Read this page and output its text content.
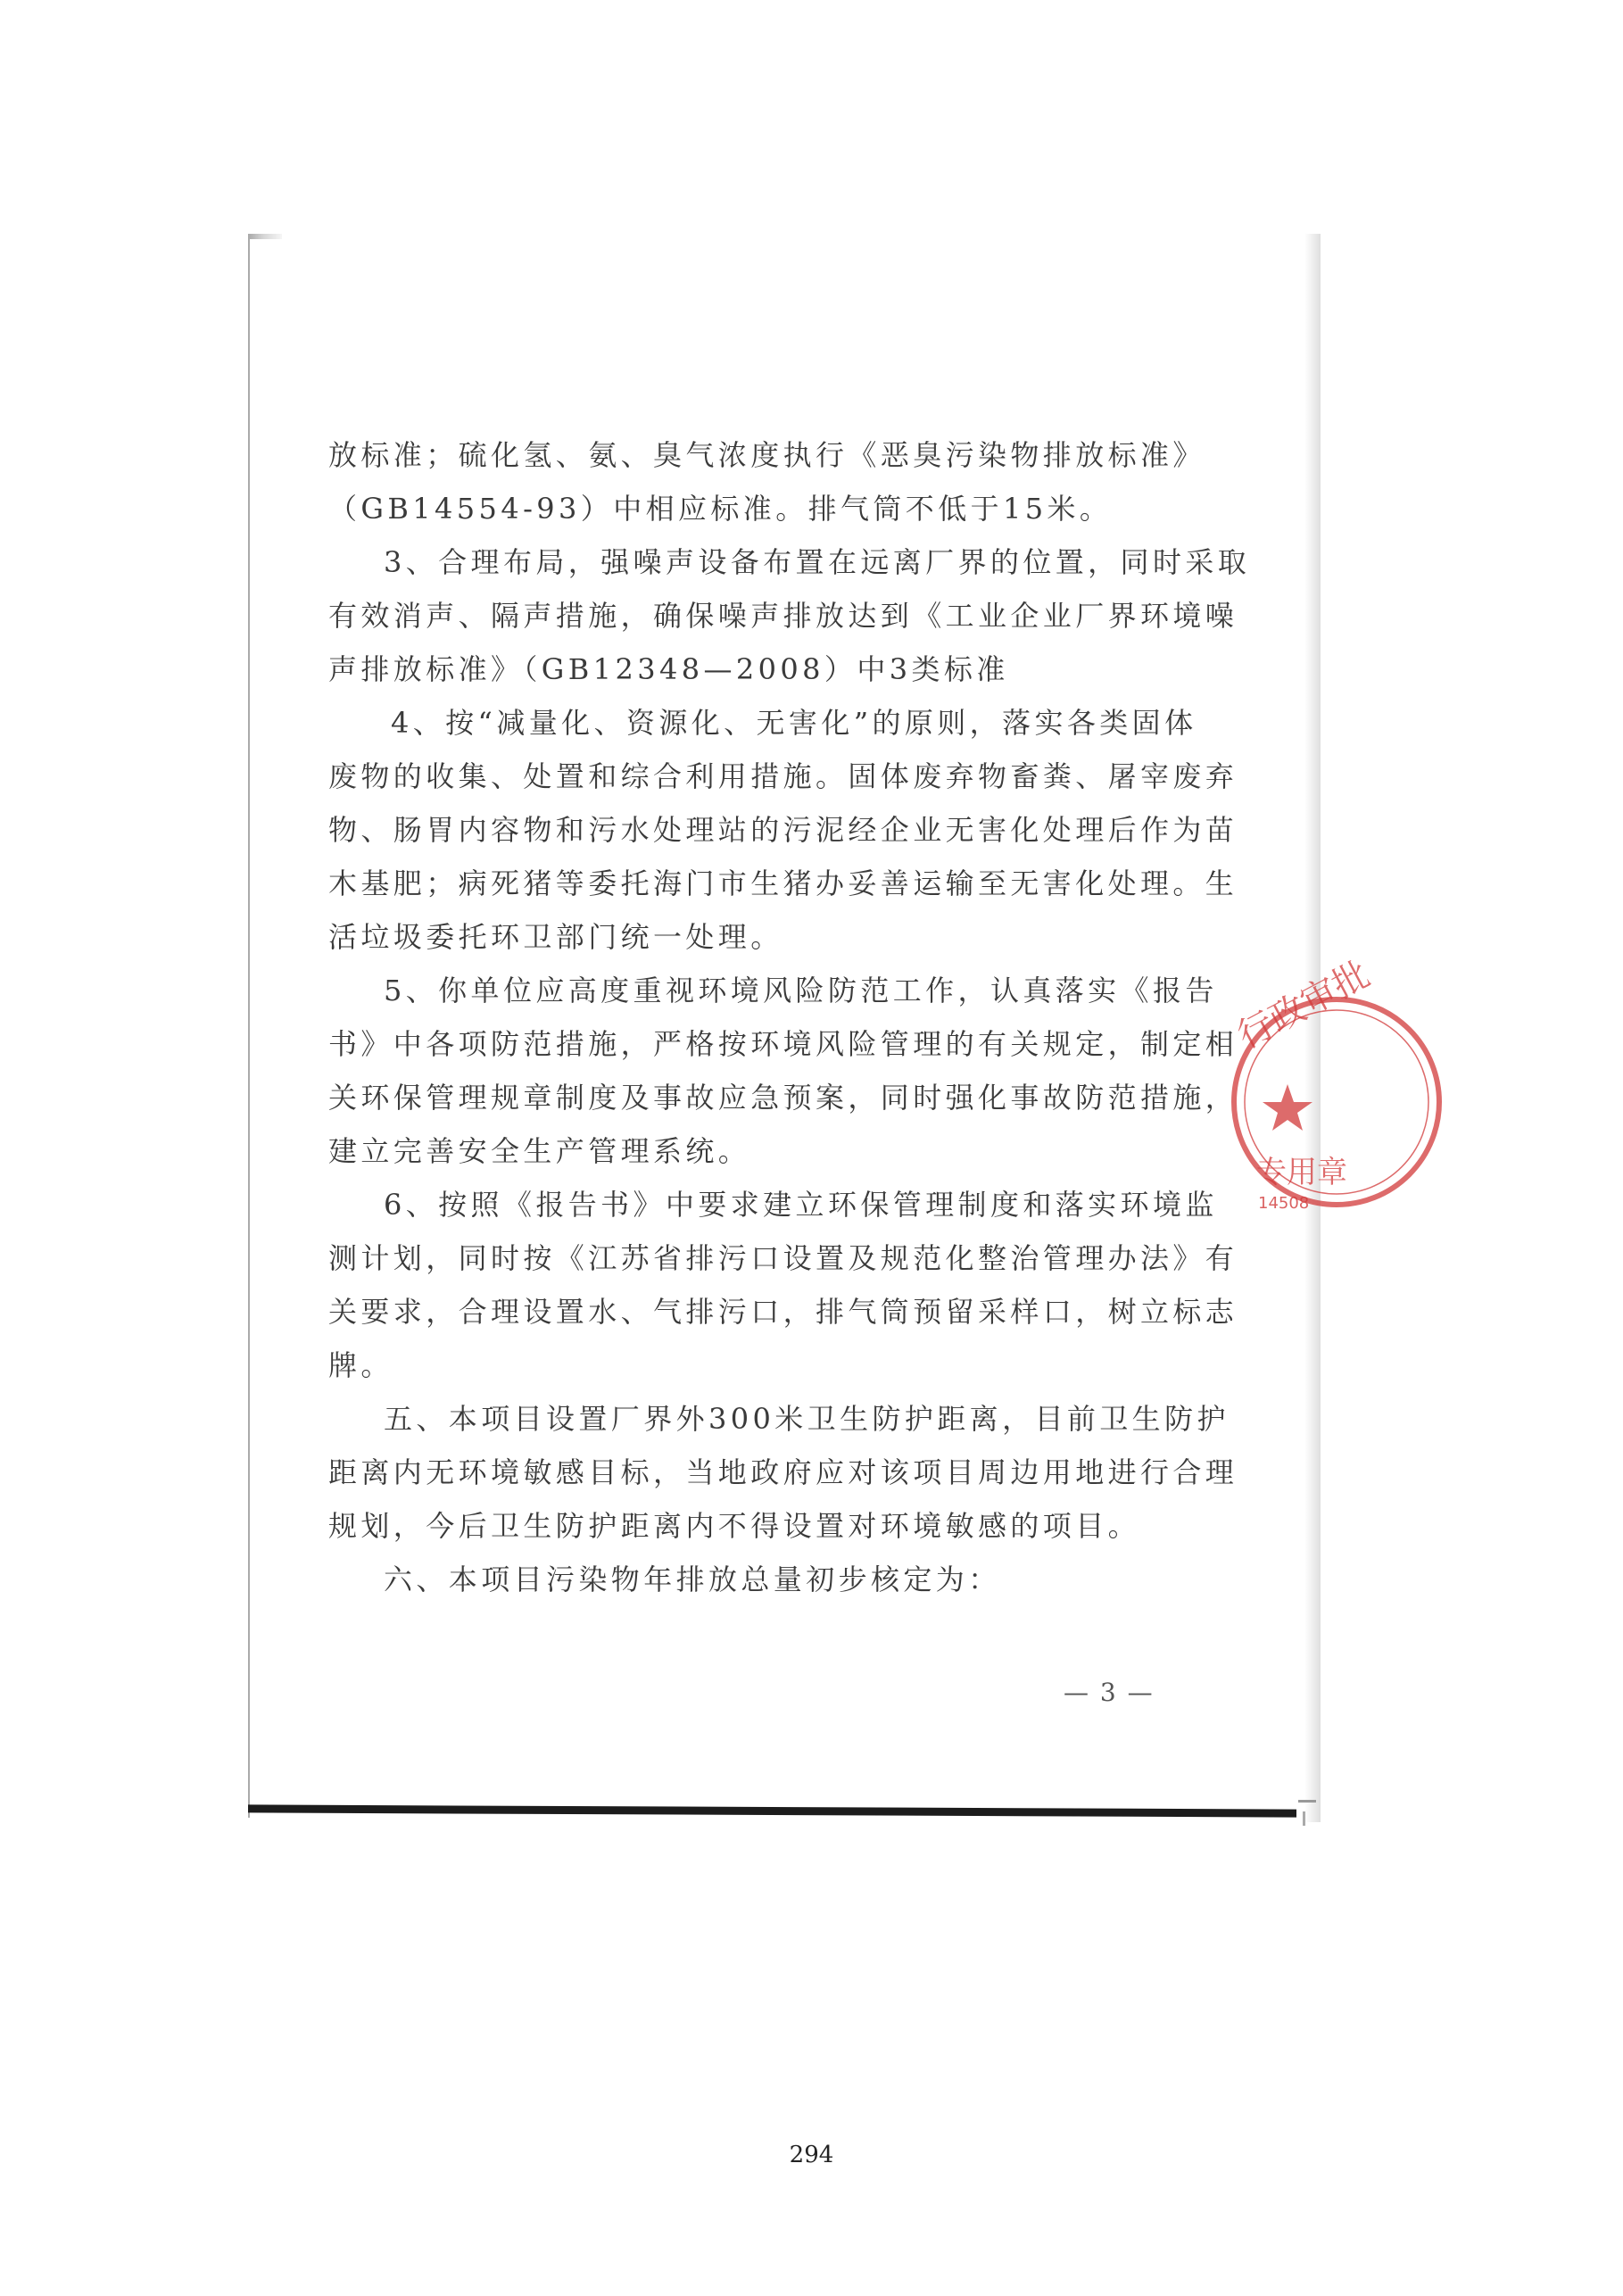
放标准；硫化氢、氨、臭气浓度执行《恶臭污染物排放标准》
（GB14554-93）中相应标准。排气筒不低于15米。
3、合理布局，强噪声设备布置在远离厂界的位置，同时采取
有效消声、隔声措施，确保噪声排放达到《工业企业厂界环境噪
声排放标准》（GB12348—2008）中3类标准
4、按“减量化、资源化、无害化”的原则，落实各类固体
废物的收集、处置和综合利用措施。固体废弃物畜粪、屠宰废弃
物、肠胃内容物和污水处理站的污泥经企业无害化处理后作为苗
木基肥；病死猪等委托海门市生猪办妥善运输至无害化处理。生
活垃圾委托环卫部门统一处理。
5、你单位应高度重视环境风险防范工作，认真落实《报告
书》中各项防范措施，严格按环境风险管理的有关规定，制定相
关环保管理规章制度及事故应急预案，同时强化事故防范措施，
建立完善安全生产管理系统。
6、按照《报告书》中要求建立环保管理制度和落实环境监
测计划，同时按《江苏省排污口设置及规范化整治管理办法》有
关要求，合理设置水、气排污口，排气筒预留采样口，树立标志
牌。
五、本项目设置厂界外300米卫生防护距离，目前卫生防护
距离内无环境敏感目标，当地政府应对该项目周边用地进行合理
规划，今后卫生防护距离内不得设置对环境敏感的项目。
六、本项目污染物年排放总量初步核定为：
— 3 —
行政审批
专用章
14508
294
